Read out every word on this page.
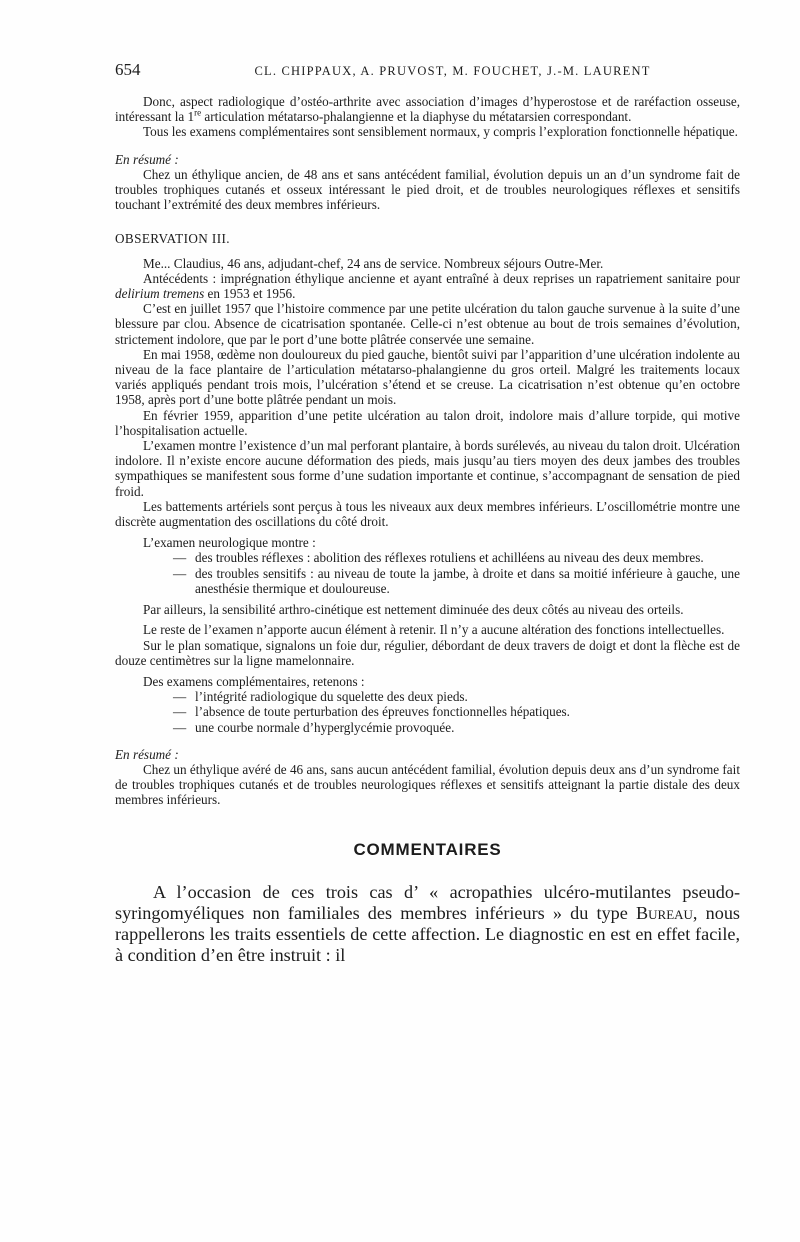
654	CL. CHIPPAUX, A. PRUVOST, M. FOUCHET, J.-M. LAURENT

Donc, aspect radiologique d’ostéo-arthrite avec association d’images d’hyperostose et de raréfaction osseuse, intéressant la 1re articulation métatarso-phalangienne et la diaphyse du métatarsien correspondant.

Tous les examens complémentaires sont sensiblement normaux, y compris l’exploration fonctionnelle hépatique.

En résumé :

Chez un éthylique ancien, de 48 ans et sans antécédent familial, évolution depuis un an d’un syndrome fait de troubles trophiques cutanés et osseux intéressant le pied droit, et de troubles neurologiques réflexes et sensitifs touchant l’extrémité des deux membres inférieurs.

OBSERVATION III.

Me... Claudius, 46 ans, adjudant-chef, 24 ans de service. Nombreux séjours Outre-Mer.

Antécédents : imprégnation éthylique ancienne et ayant entraîné à deux reprises un rapatriement sanitaire pour delirium tremens en 1953 et 1956.

C’est en juillet 1957 que l’histoire commence par une petite ulcération du talon gauche survenue à la suite d’une blessure par clou. Absence de cicatrisation spontanée. Celle-ci n’est obtenue au bout de trois semaines d’évolution, strictement indolore, que par le port d’une botte plâtrée conservée une semaine.

En mai 1958, œdème non douloureux du pied gauche, bientôt suivi par l’apparition d’une ulcération indolente au niveau de la face plantaire de l’articulation métatarso-phalangienne du gros orteil. Malgré les traitements locaux variés appliqués pendant trois mois, l’ulcération s’étend et se creuse. La cicatrisation n’est obtenue qu’en octobre 1958, après port d’une botte plâtrée pendant un mois.

En février 1959, apparition d’une petite ulcération au talon droit, indolore mais d’allure torpide, qui motive l’hospitalisation actuelle.

L’examen montre l’existence d’un mal perforant plantaire, à bords surélevés, au niveau du talon droit. Ulcération indolore. Il n’existe encore aucune déformation des pieds, mais jusqu’au tiers moyen des deux jambes des troubles sympathiques se manifestent sous forme d’une sudation importante et continue, s’accompagnant de sensation de pied froid.

Les battements artériels sont perçus à tous les niveaux aux deux membres inférieurs. L’oscillométrie montre une discrète augmentation des oscillations du côté droit.

L’examen neurologique montre :

— des troubles réflexes : abolition des réflexes rotuliens et achilléens au niveau des deux membres.
— des troubles sensitifs : au niveau de toute la jambe, à droite et dans sa moitié inférieure à gauche, une anesthésie thermique et douloureuse.

Par ailleurs, la sensibilité arthro-cinétique est nettement diminuée des deux côtés au niveau des orteils.

Le reste de l’examen n’apporte aucun élément à retenir. Il n’y a aucune altération des fonctions intellectuelles.

Sur le plan somatique, signalons un foie dur, régulier, débordant de deux travers de doigt et dont la flèche est de douze centimètres sur la ligne mamelonnaire.

Des examens complémentaires, retenons :

— l’intégrité radiologique du squelette des deux pieds.
— l’absence de toute perturbation des épreuves fonctionnelles hépatiques.
— une courbe normale d’hyperglycémie provoquée.
En résumé :

Chez un éthylique avéré de 46 ans, sans aucun antécédent familial, évolution depuis deux ans d’un syndrome fait de troubles trophiques cutanés et de troubles neurologiques réflexes et sensitifs atteignant la partie distale des deux membres inférieurs.

COMMENTAIRES

A l’occasion de ces trois cas d’ « acropathies ulcéro-mutilantes pseudo-syringomyéliques non familiales des membres inférieurs » du type Bureau, nous rappellerons les traits essentiels de cette affection. Le diagnostic en est en effet facile, à condition d’en être instruit : il
